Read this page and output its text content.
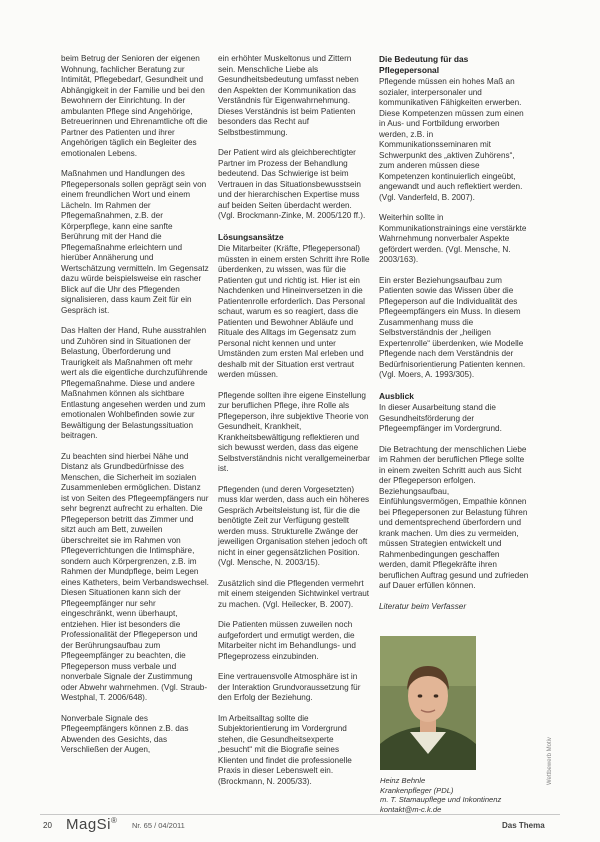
beim Betrug der Senioren der eigenen Wohnung, fachlicher Beratung zur Intimität, Pflegebedarf, Gesundheit und Abhängigkeit in der Familie und bei den Bewohnern der Einrichtung. In der ambulanten Pflege sind Angehörige, Betreuerinnen und Ehrenamtliche oft die Partner des Patienten und ihrer Angehörigen täglich ein Begleiter des emotionalen Lebens.

Maßnahmen und Handlungen des Pflegepersonals sollen geprägt sein von einem freundlichen Wort und einem Lächeln. Im Rahmen der Pflegemaßnahmen, z.B. der Körperpflege, kann eine sanfte Berührung mit der Hand die Pflegemaßnahme erleichtern und hierüber Annäherung und Wertschätzung vermitteln. Im Gegensatz dazu würde beispielsweise ein rascher Blick auf die Uhr des Pflegenden signalisieren, dass kaum Zeit für ein Gespräch ist.

Das Halten der Hand, Ruhe ausstrahlen und Zuhören sind in Situationen der Belastung, Überforderung und Traurigkeit als Maßnahmen oft mehr wert als die eigentliche durchzuführende Pflegemaßnahme. Diese und andere Maßnahmen können als sichtbare Entlastung angesehen werden und zum emotionalen Wohlbefinden sowie zur Bewältigung der Belastungssituation beitragen.

Zu beachten sind hierbei Nähe und Distanz als Grundbedürfnisse des Menschen, die Sicherheit im sozialen Zusammenleben ermöglichen. Distanz ist von Seiten des Pflegeempfängers nur sehr begrenzt aufrecht zu erhalten. Die Pflegeperson betritt das Zimmer und sitzt auch am Bett, zuweilen überschreitet sie im Rahmen von Pflegeverrichtungen die Intimsphäre, sondern auch Körpergrenzen, z.B. im Rahmen der Mundpflege, beim Legen eines Katheters, beim Verbandswechsel. Diesen Situationen kann sich der Pflegeempfänger nur sehr eingeschränkt, wenn überhaupt, entziehen. Hier ist besonders die Professionalität der Pflegeperson und der Berührungsaufbau zum Pflegeempfänger zu beachten, die Pflegeperson muss verbale und nonverbale Signale der Zustimmung oder Abwehr wahrnehmen. (Vgl. Straub-Westphal, T. 2006/648).

Nonverbale Signale des Pflegeempfängers können z.B. das Abwenden des Gesichts, das Verschließen der Augen,

ein erhöhter Muskeltonus und Zittern sein. Menschliche Liebe als Gesundheitsbedeutung umfasst neben den Aspekten der Kommunikation das Verständnis für Eigenwahrnehmung. Dieses Verständnis ist beim Patienten besonders das Recht auf Selbstbestimmung.

Der Patient wird als gleichberechtigter Partner im Prozess der Behandlung bedeutend. Das Schwierige ist beim Vertrauen in das Situationsbewusstsein und der hierarchischen Expertise muss auf beiden Seiten überdacht werden. (Vgl. Brockmann-Zinke, M. 2005/120 ff.).

Lösungsansätze

Die Mitarbeiter (Kräfte, Pflegepersonal) müssten in einem ersten Schritt ihre Rolle überdenken, zu wissen, was für die Patienten gut und richtig ist. Hier ist ein Nachdenken und Hineinversetzen in die Patientenrolle erforderlich. Das Personal schaut, warum es so reagiert, dass die Patienten und Bewohner Abläufe und Rituale des Alltags im Gegensatz zum Personal nicht kennen und unter Umständen zum ersten Mal erleben und deshalb mit der Situation erst vertraut werden müssen.

Pflegende sollten ihre eigene Einstellung zur beruflichen Pflege, ihre Rolle als Pflegeperson, ihre subjektive Theorie von Gesundheit, Krankheit, Krankheitsbewältigung reflektieren und sich bewusst werden, dass das eigene Selbstverständnis nicht verallgemeinerbar ist.

Pflegenden (und deren Vorgesetzten) muss klar werden, dass auch ein höheres Gespräch Arbeitsleistung ist, für die die benötigte Zeit zur Verfügung gestellt werden muss. Strukturelle Zwänge der jeweiligen Organisation stehen jedoch oft nicht in einer gegensätzlichen Position. (Vgl. Mensche, N. 2003/15).

Zusätzlich sind die Pflegenden vermehrt mit einem steigenden Sichtwinkel vertraut zu machen. (Vgl. Heilecker, B. 2007).

Die Patienten müssen zuweilen noch aufgefordert und ermutigt werden, die Mitarbeiter nicht im Behandlungs- und Pflegeprozess einzubinden.

Eine vertrauensvolle Atmosphäre ist in der Interaktion Grundvoraussetzung für den Erfolg der Beziehung.

Im Arbeitsalltag sollte die Subjektorientierung im Vordergrund stehen, die Gesundheitsexperte „besucht“ mit die Biografie seines Klienten und findet die professionelle Praxis in dieser Lebenswelt ein. (Brockmann, N. 2005/33).

Die Bedeutung für das Pflegepersonal

Pflegende müssen ein hohes Maß an sozialer, interpersonaler und kommunikativen Fähigkeiten erwerben. Diese Kompetenzen müssen zum einen in Aus- und Fortbildung erworben werden, z.B. in Kommunikationsseminaren mit Schwerpunkt des „aktiven Zuhörens“, zum anderen müssen diese Kompetenzen kontinuierlich eingeübt, angewandt und auch reflektiert werden. (Vgl. Vanderfeld, B. 2007).

Weiterhin sollte in Kommunikationstrainings eine verstärkte Wahrnehmung nonverbaler Aspekte gefördert werden. (Vgl. Mensche, N. 2003/163).

Ein erster Beziehungsaufbau zum Patienten sowie das Wissen über die Pflegeperson auf die Individualität des Pflegeempfängers ein Muss. In diesem Zusammenhang muss die Selbstverständnis der „heiligen Expertenrolle“ überdenken, wie Modelle Pflegende nach dem Verständnis der Bedürfnisorientierung Patienten kennen. (Vgl. Moers, A. 1993/305).

Ausblick

In dieser Ausarbeitung stand die Gesundheitsförderung der Pflegeempfänger im Vordergrund.

Die Betrachtung der menschlichen Liebe im Rahmen der beruflichen Pflege sollte in einem zweiten Schritt auch aus Sicht der Pflegeperson erfolgen. Beziehungsaufbau, Einfühlungsvermögen, Empathie können bei Pflegepersonen zur Belastung führen und dementsprechend überfordern und krank machen. Um dies zu vermeiden, müssen Strategien entwickelt und Rahmenbedingungen geschaffen werden, damit Pflegekräfte ihren beruflichen Auftrag gesund und zufrieden auf Dauer erfüllen können.

Literatur beim Verfasser

Heinz Behnle
Krankenpfleger (PDL)
m. T. Stamaupflege und Inkontinenz
kontakt@m-c.k.de
Wettbewerb Motiv
20 MagSi®
Nr. 65 / 04/2011	Das Thema
